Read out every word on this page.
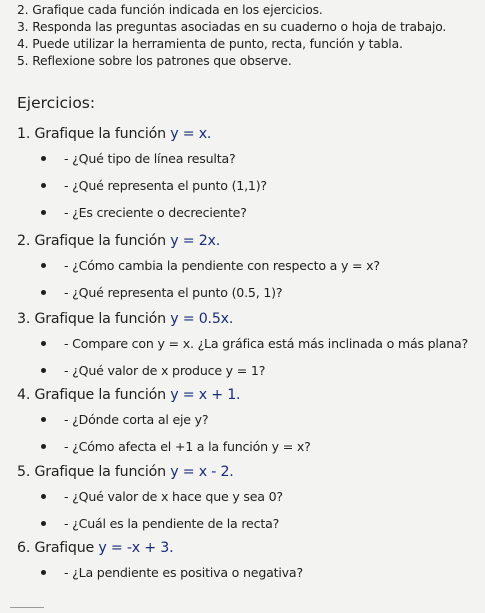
2. Grafique cada función indicada en los ejercicios.
3. Responda las preguntas asociadas en su cuaderno o hoja de trabajo.
4. Puede utilizar la herramienta de punto, recta, función y tabla.
5. Reflexione sobre los patrones que observe.
Ejercicios:
1. Grafique la función y = x.
- ¿Qué tipo de línea resulta?
- ¿Qué representa el punto (1,1)?
- ¿Es creciente o decreciente?
2. Grafique la función y = 2x.
- ¿Cómo cambia la pendiente con respecto a y = x?
- ¿Qué representa el punto (0.5, 1)?
3. Grafique la función y = 0.5x.
- Compare con y = x. ¿La gráfica está más inclinada o más plana?
- ¿Qué valor de x produce y = 1?
4. Grafique la función y = x + 1.
- ¿Dónde corta al eje y?
- ¿Cómo afecta el +1 a la función y = x?
5. Grafique la función y = x - 2.
- ¿Qué valor de x hace que y sea 0?
- ¿Cuál es la pendiente de la recta?
6. Grafique y = -x + 3.
- ¿La pendiente es positiva o negativa?
